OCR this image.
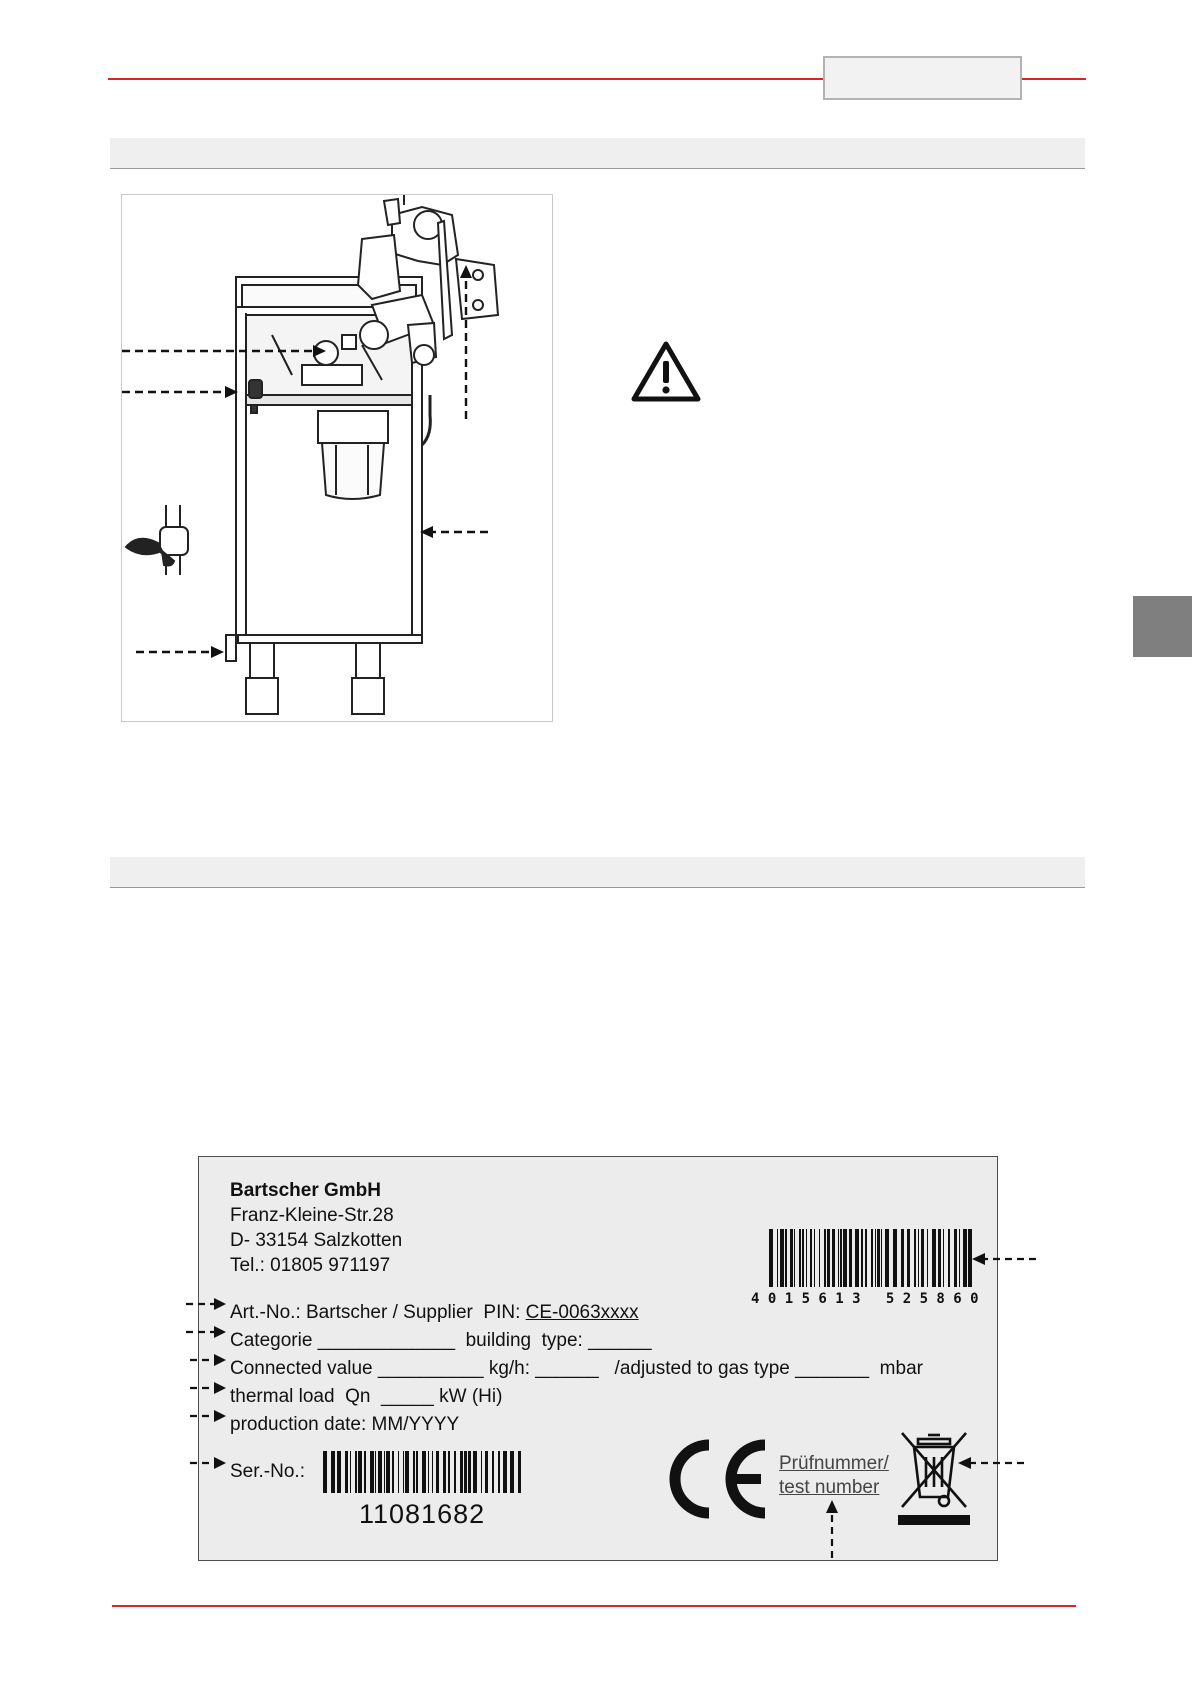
Bartscher GmbH
Franz-Kleine-Str.28
D- 33154 Salzkotten
Tel.: 01805 971197
4 0 1 5 6 1 3   5 2 5 8 6 0
Art.-No.: Bartscher / Supplier  PIN: CE-0063xxxx
Categorie _____________  building  type: ______
Connected value __________ kg/h: ______   /adjusted to gas type _______  mbar
thermal load  Qn  _____ kW (Hi)
production date: MM/YYYY
Ser.-No.:
11081682
Prüfnummer/
test number
